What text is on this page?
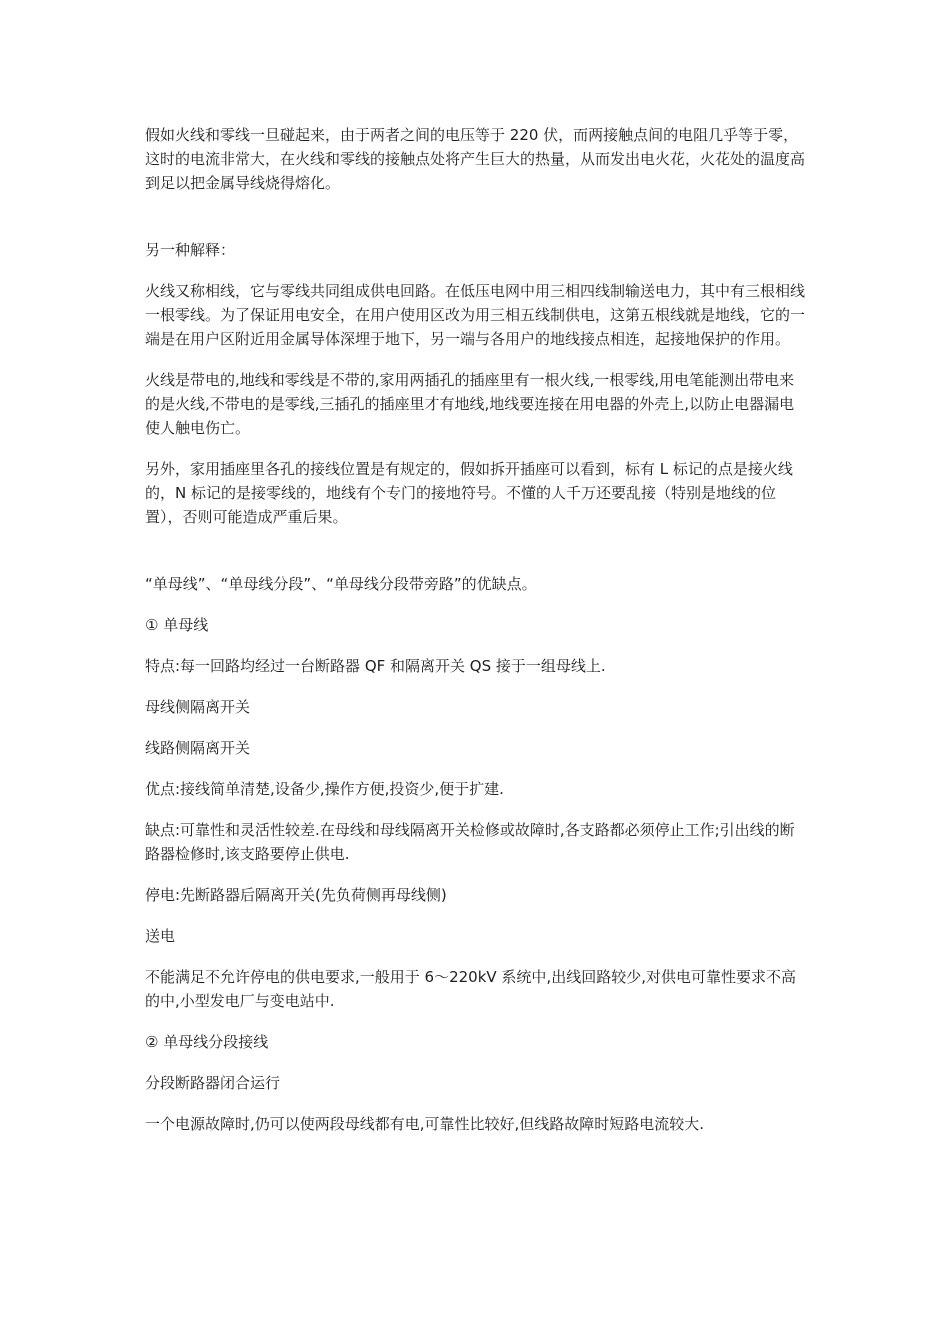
假如火线和零线一旦碰起来，由于两者之间的电压等于 220 伏，而两接触点间的电阻几乎等于零，这时的电流非常大，在火线和零线的接触点处将产生巨大的热量，从而发出电火花，火花处的温度高到足以把金属导线烧得熔化。

另一种解释：

火线又称相线，它与零线共同组成供电回路。在低压电网中用三相四线制输送电力，其中有三根相线一根零线。为了保证用电安全，在用户使用区改为用三相五线制供电，这第五根线就是地线，它的一端是在用户区附近用金属导体深埋于地下，另一端与各用户的地线接点相连，起接地保护的作用。

火线是带电的,地线和零线是不带的,家用两插孔的插座里有一根火线,一根零线,用电笔能测出带电来的是火线,不带电的是零线,三插孔的插座里才有地线,地线要连接在用电器的外壳上,以防止电器漏电使人触电伤亡。

另外，家用插座里各孔的接线位置是有规定的，假如拆开插座可以看到，标有 L 标记的点是接火线的，N 标记的是接零线的，地线有个专门的接地符号。不懂的人千万还要乱接（特别是地线的位置），否则可能造成严重后果。

“单母线”、“单母线分段”、“单母线分段带旁路”的优缺点。

① 单母线

特点:每一回路均经过一台断路器 QF 和隔离开关 QS 接于一组母线上.

母线侧隔离开关

线路侧隔离开关

优点:接线简单清楚,设备少,操作方便,投资少,便于扩建.

缺点:可靠性和灵活性较差.在母线和母线隔离开关检修或故障时,各支路都必须停止工作;引出线的断路器检修时,该支路要停止供电.

停电:先断路器后隔离开关(先负荷侧再母线侧)

送电

不能满足不允许停电的供电要求,一般用于 6～220kV 系统中,出线回路较少,对供电可靠性要求不高的中,小型发电厂与变电站中.

② 单母线分段接线

分段断路器闭合运行

一个电源故障时,仍可以使两段母线都有电,可靠性比较好,但线路故障时短路电流较大.
